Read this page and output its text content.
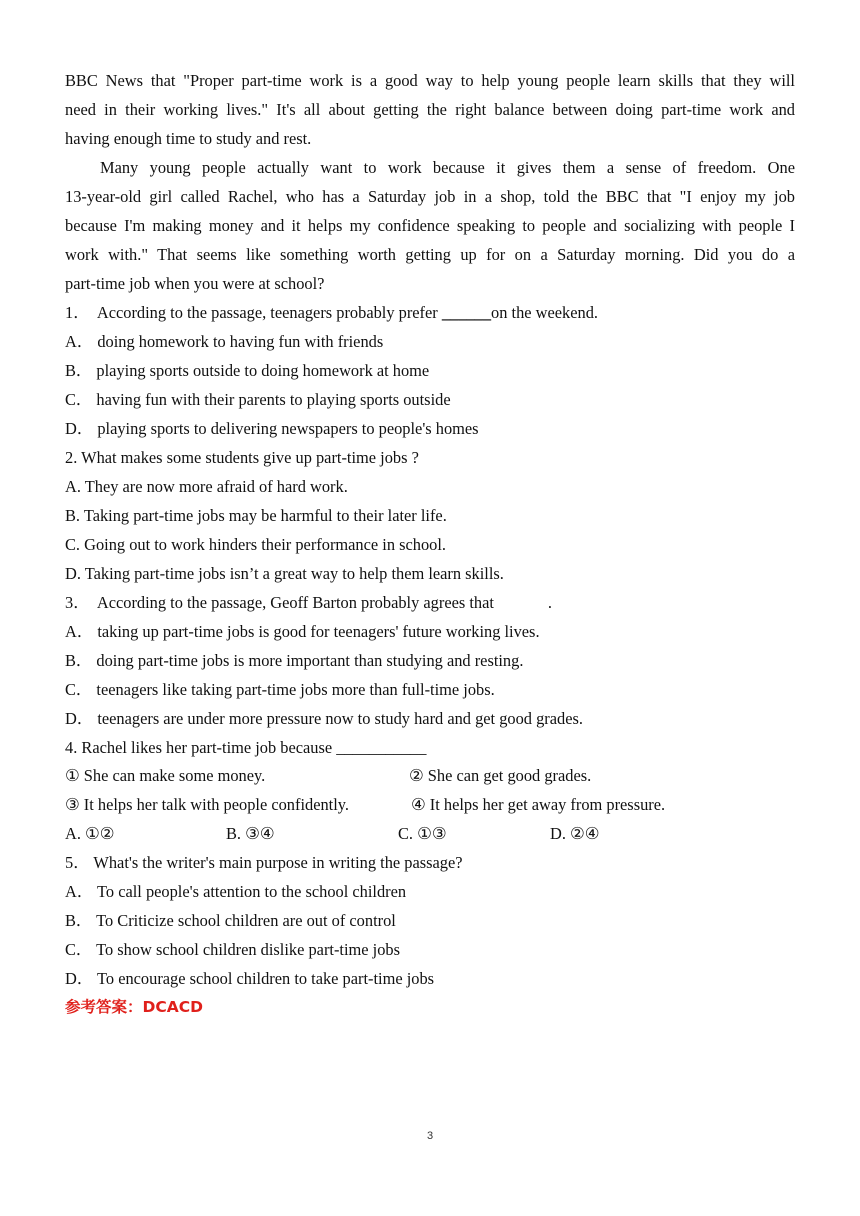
BBC News that "Proper part-time work is a good way to help young people learn skills that they will
need in their working lives." It's all about getting the right balance between doing part-time work and
having enough time to study and rest.
Many young people actually want to work because it gives them a sense of freedom. One
13-year-old girl called Rachel, who has a Saturday job in a shop, told the BBC that "I enjoy my job
because I'm making money and it helps my confidence speaking to people and socializing with people I
work with." That seems like something worth getting up for on a Saturday morning. Did you do a
part-time job when you were at school?
1．  According to the passage, teenagers probably prefer ______on the weekend.
A． doing homework to having fun with friends
B． playing sports outside to doing homework at home
C． having fun with their parents to playing sports outside
D． playing sports to delivering newspapers to people's homes
2. What makes some students give up part-time jobs ?
A. They are now more afraid of hard work.
B. Taking part-time jobs may be harmful to their later life.
C. Going out to work hinders their performance in school.
D. Taking part-time jobs isn’t a great way to help them learn skills.
3．  According to the passage, Geoff Barton probably agrees that	.
A． taking up part-time jobs is good for teenagers' future working lives.
B． doing part-time jobs is more important than studying and resting.
C． teenagers like taking part-time jobs more than full-time jobs.
D． teenagers are under more pressure now to study hard and get good grades.
4. Rachel likes her part-time job because ___________
① She can make some money.	② She can get good grades.
③ It helps her talk with people confidently.	④ It helps her get away from pressure.
A. ①②	B. ③④	C. ①③	D. ②④
5． What's the writer's main purpose in writing the passage?
A． To call people's attention to the school children
B． To Criticize school children are out of control
C． To show school children dislike part-time jobs
D． To encourage school children to take part-time jobs
参考答案：DCACD
3
